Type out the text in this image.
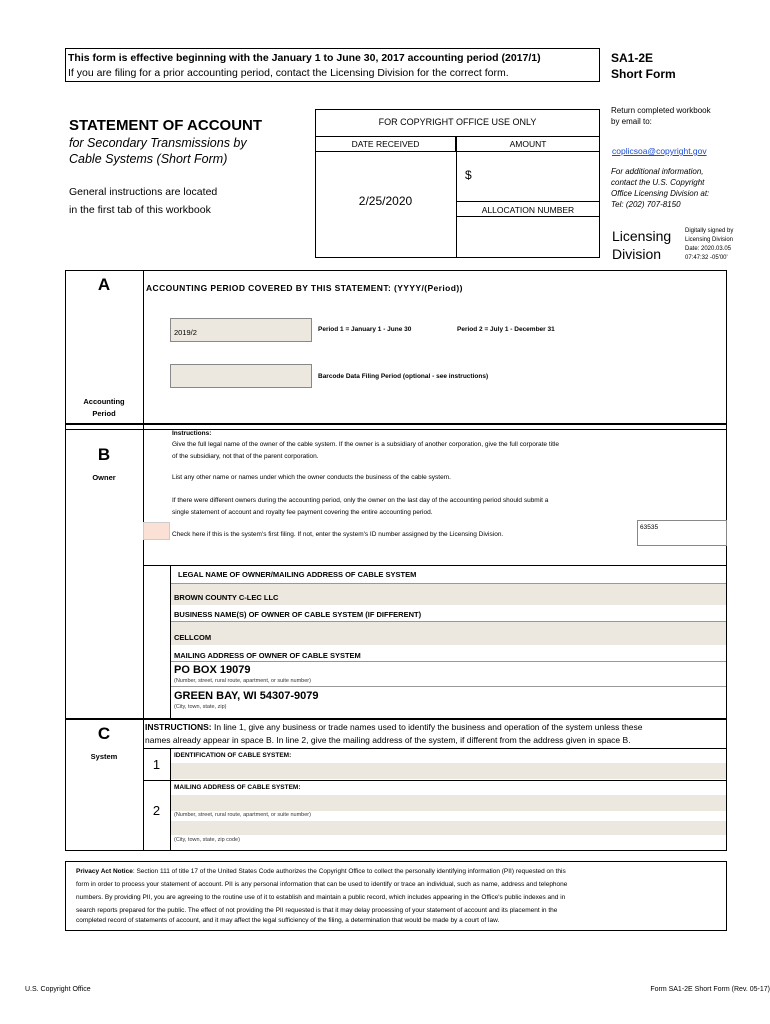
This form is effective beginning with the January 1 to June 30, 2017 accounting period (2017/1)
If you are filing for a prior accounting period, contact the Licensing Division for the correct form.
SA1-2E
Short Form
STATEMENT OF ACCOUNT
for Secondary Transmissions by
Cable Systems (Short Form)
General instructions are located
in the first tab of this workbook
FOR COPYRIGHT OFFICE USE ONLY
DATE RECEIVED	AMOUNT
2/25/2020
$
ALLOCATION NUMBER
Return completed workbook
by email to:
coplicsoa@copyright.gov
For additional information,
contact the U.S. Copyright
Office Licensing Division at:
Tel: (202) 707-8150
Licensing
Division
Digitally signed by
Licensing Division
Date: 2020.03.05
07:47:32 -05'00'
A
Accounting
Period
ACCOUNTING PERIOD COVERED BY THIS STATEMENT: (YYYY/(Period))
2019/2	Period 1 = January 1 - June 30	Period 2 = July 1 - December 31
Barcode Data Filing Period (optional - see instructions)
B
Owner
Instructions:
Give the full legal name of the owner of the cable system. If the owner is a subsidiary of another corporation, give the full corporate title
of the subsidiary, not that of the parent corporation.
List any other name or names under which the owner conducts the business of the cable system.
If there were different owners during the accounting period, only the owner on the last day of the accounting period should submit a
single statement of account and royalty fee payment covering the entire accounting period.
Check here if this is the system's first filing. If not, enter the system's ID number assigned by the Licensing Division.
63535
LEGAL NAME OF OWNER/MAILING ADDRESS OF CABLE SYSTEM
BROWN COUNTY C-LEC LLC
BUSINESS NAME(S) OF OWNER OF CABLE SYSTEM (IF DIFFERENT)
CELLCOM
MAILING ADDRESS OF OWNER OF CABLE SYSTEM
PO BOX 19079
(Number, street, rural route, apartment, or suite number)
GREEN BAY, WI 54307-9079
(City, town, state, zip)
C
System
INSTRUCTIONS: In line 1, give any business or trade names used to identify the business and operation of the system unless these
names already appear in space B. In line 2, give the mailing address of the system, if different from the address given in space B.
1
IDENTIFICATION OF CABLE SYSTEM:
2
MAILING ADDRESS OF CABLE SYSTEM:
(Number, street, rural route, apartment, or suite number)
(City, town, state, zip code)
Privacy Act Notice: Section 111 of title 17 of the United States Code authorizes the Copyright Office to collect the personally identifying information (PII) requested on this
form in order to process your statement of account. PII is any personal information that can be used to identify or trace an individual, such as name, address and telephone
numbers. By providing PII, you are agreeing to the routine use of it to establish and maintain a public record, which includes appearing in the Office's public indexes and in
search reports prepared for the public. The effect of not providing the PII requested is that it may delay processing of your statement of account and its placement in the
completed record of statements of account, and it may affect the legal sufficiency of the filing, a determination that would be made by a court of law.
U.S. Copyright Office	Form SA1-2E Short Form (Rev. 05-17)
